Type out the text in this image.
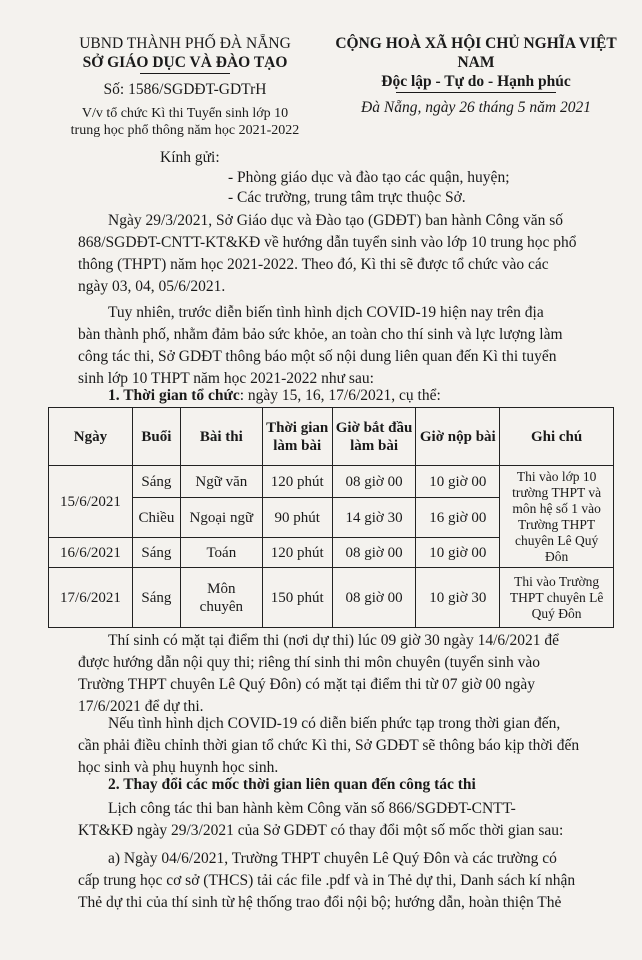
UBND THÀNH PHỐ ĐÀ NẴNG
SỞ GIÁO DỤC VÀ ĐÀO TẠO
Số: 1586/SGDĐT-GDTrH
CỘNG HOÀ XÃ HỘI CHỦ NGHĨA VIỆT NAM
Độc lập - Tự do - Hạnh phúc
Đà Nẵng, ngày 26 tháng 5 năm 2021
V/v tổ chức Kì thi Tuyển sinh lớp 10
trung học phổ thông năm học 2021-2022
Kính gửi:
- Phòng giáo dục và đào tạo các quận, huyện;
- Các trường, trung tâm trực thuộc Sở.
Ngày 29/3/2021, Sở Giáo dục và Đào tạo (GDĐT) ban hành Công văn số
868/SGDĐT-CNTT-KT&KĐ về hướng dẫn tuyển sinh vào lớp 10 trung học phổ
thông (THPT) năm học 2021-2022. Theo đó, Kì thi sẽ được tổ chức vào các
ngày 03, 04, 05/6/2021.
Tuy nhiên, trước diễn biến tình hình dịch COVID-19 hiện nay trên địa
bàn thành phố, nhằm đảm bảo sức khỏe, an toàn cho thí sinh và lực lượng làm
công tác thi, Sở GDĐT thông báo một số nội dung liên quan đến Kì thi tuyển
sinh lớp 10 THPT năm học 2021-2022 như sau:
1. Thời gian tổ chức: ngày 15, 16, 17/6/2021, cụ thể:
Ngày	Buổi	Bài thi	Thời gian làm bài	Giờ bắt đầu làm bài	Giờ nộp bài	Ghi chú
15/6/2021	Sáng	Ngữ văn	120 phút	08 giờ 00	10 giờ 00	Thi vào lớp 10 trường THPT và môn hệ số 1 vào Trường THPT chuyên Lê Quý Đôn
	Chiều	Ngoại ngữ	90 phút	14 giờ 30	16 giờ 00	
16/6/2021	Sáng	Toán	120 phút	08 giờ 00	10 giờ 00	
17/6/2021	Sáng	Môn chuyên	150 phút	08 giờ 00	10 giờ 30	Thi vào Trường THPT chuyên Lê Quý Đôn
Thí sinh có mặt tại điểm thi (nơi dự thi) lúc 09 giờ 30 ngày 14/6/2021 để
được hướng dẫn nội quy thi; riêng thí sinh thi môn chuyên (tuyển sinh vào
Trường THPT chuyên Lê Quý Đôn) có mặt tại điểm thi từ 07 giờ 00 ngày
17/6/2021 để dự thi.
Nếu tình hình dịch COVID-19 có diễn biến phức tạp trong thời gian đến,
cần phải điều chỉnh thời gian tổ chức Kì thi, Sở GDĐT sẽ thông báo kịp thời đến
học sinh và phụ huynh học sinh.
2. Thay đổi các mốc thời gian liên quan đến công tác thi
Lịch công tác thi ban hành kèm Công văn số 866/SGDĐT-CNTT-
KT&KĐ ngày 29/3/2021 của Sở GDĐT có thay đổi một số mốc thời gian sau:
a) Ngày 04/6/2021, Trường THPT chuyên Lê Quý Đôn và các trường có
cấp trung học cơ sở (THCS) tải các file .pdf và in Thẻ dự thi, Danh sách kí nhận
Thẻ dự thi của thí sinh từ hệ thống trao đổi nội bộ; hướng dẫn, hoàn thiện Thẻ
